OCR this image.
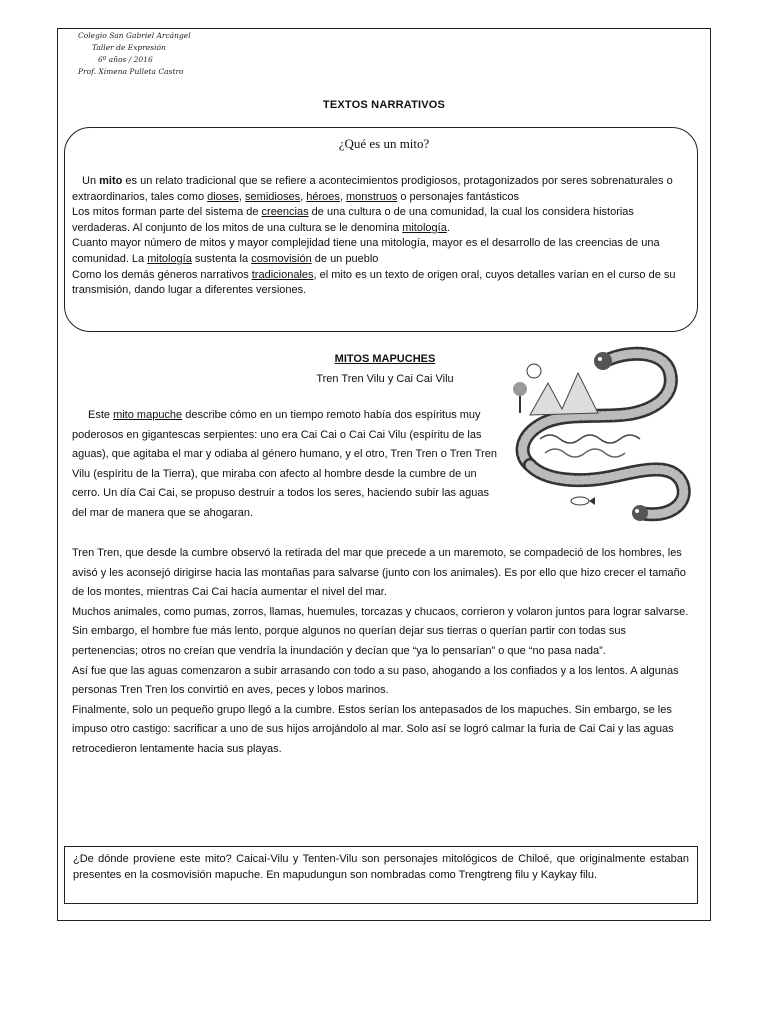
Colegio San Gabriel Arcángel
Taller de Expresión
6º años / 2016
Prof. Ximena Pulleta Castro
TEXTOS NARRATIVOS
¿Qué es un mito?

Un mito es un relato tradicional que se refiere a acontecimientos prodigiosos, protagonizados por seres sobrenaturales o extraordinarios, tales como dioses, semidioses, héroes, monstruos o personajes fantásticos

Los mitos forman parte del sistema de creencias de una cultura o de una comunidad, la cual los considera historias verdaderas. Al conjunto de los mitos de una cultura se le denomina mitología.

Cuanto mayor número de mitos y mayor complejidad tiene una mitología, mayor es el desarrollo de las creencias de una comunidad. La mitología sustenta la cosmovisión de un pueblo

Como los demás géneros narrativos tradicionales, el mito es un texto de origen oral, cuyos detalles varían en el curso de su transmisión, dando lugar a diferentes versiones.

MITOS MAPUCHES
Tren Tren Vilu y Cai Cai Vilu

Este mito mapuche describe cómo en un tiempo remoto había dos espíritus muy poderosos en gigantescas serpientes: uno era Cai Cai o Cai Cai Vilu (espíritu de las aguas), que agitaba el mar y odiaba al género humano, y el otro, Tren Tren o Tren Tren Vilu (espíritu de la Tierra), que miraba con afecto al hombre desde la cumbre de un cerro. Un día Cai Cai, se propuso destruir a todos los seres, haciendo subir las aguas del mar de manera que se ahogaran.

Tren Tren, que desde la cumbre observó la retirada del mar que precede a un maremoto, se compadeció de los hombres, les avisó y les aconsejó dirigirse hacia las montañas para salvarse (junto con los animales). Es por ello que hizo crecer el tamaño de los montes, mientras Cai Cai hacía aumentar el nivel del mar.

Muchos animales, como pumas, zorros, llamas, huemules, torcazas y chucaos, corrieron y volaron juntos para lograr salvarse. Sin embargo, el hombre fue más lento, porque algunos no querían dejar sus tierras o querían partir con todas sus pertenencias; otros no creían que vendría la inundación y decían que “ya lo pensarían” o que “no pasa nada”.

Así fue que las aguas comenzaron a subir arrasando con todo a su paso, ahogando a los confiados y a los lentos. A algunas personas Tren Tren los convirtió en aves, peces y lobos marinos.

Finalmente, solo un pequeño grupo llegó a la cumbre. Estos serían los antepasados de los mapuches. Sin embargo, se les impuso otro castigo: sacrificar a uno de sus hijos arrojándolo al mar. Solo así se logró calmar la furia de Cai Cai y las aguas retrocedieron lentamente hacia sus playas.

¿De dónde proviene este mito? Caicai-Vilu y Tenten-Vilu son personajes mitológicos de Chiloé, que originalmente estaban presentes en la cosmovisión mapuche. En mapudungun son nombradas como Trengtreng filu y Kaykay filu.
